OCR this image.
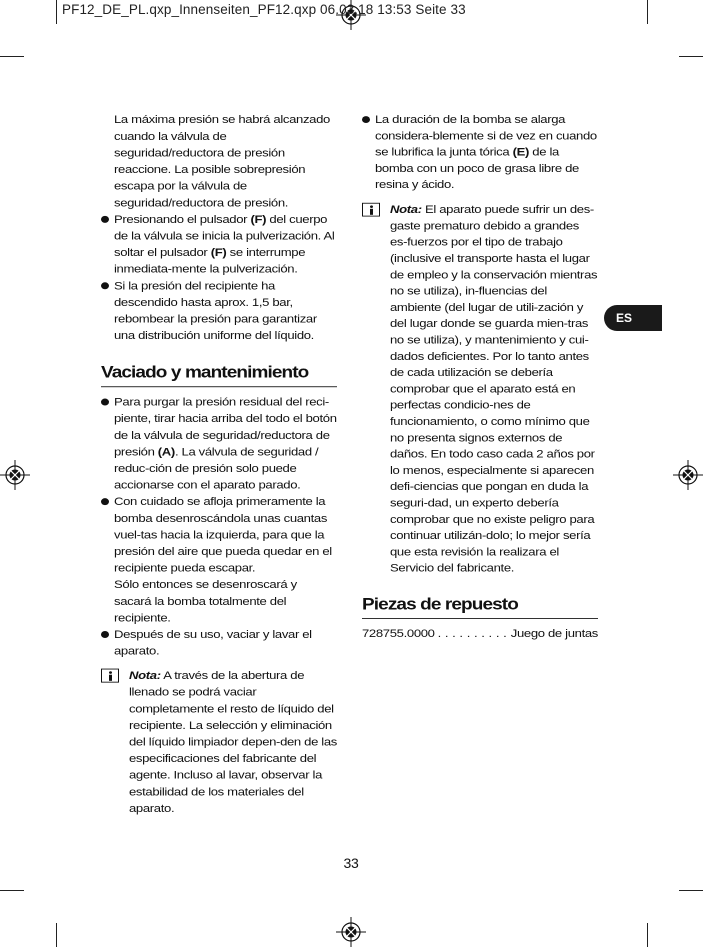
PF12_DE_PL.qxp_Innenseiten_PF12.qxp 06.03.18 13:53 Seite 33
ES

La máxima presión se habrá alcanzado cuando la válvula de seguridad/reductora de presión reaccione. La posible sobrepresión escapa por la válvula de seguridad/reductora de presión.

Presionando el pulsador (F) del cuerpo de la válvula se inicia la pulverización. Al soltar el pulsador (F) se interrumpe inmediata-mente la pulverización.

Si la presión del recipiente ha descendido hasta aprox. 1,5 bar, rebombear la presión para garantizar una distribución uniforme del líquido.

Vaciado y mantenimiento

Para purgar la presión residual del reci-piente, tirar hacia arriba del todo el botón de la válvula de seguridad/reductora de presión (A). La válvula de seguridad / reduc-ción de presión solo puede accionarse con el aparato parado.

Con cuidado se afloja primeramente la bomba desenroscándola unas cuantas vuel-tas hacia la izquierda, para que la presión del aire que pueda quedar en el recipiente pueda escapar.
Sólo entonces se desenroscará y sacará la bomba totalmente del recipiente.

Después de su uso, vaciar y lavar el aparato.

Nota: A través de la abertura de llenado se podrá vaciar completamente el resto de líquido del recipiente. La selección y eliminación del líquido limpiador depen-den de las especificaciones del fabricante del agente. Incluso al lavar, observar la estabilidad de los materiales del aparato.

La duración de la bomba se alarga considera-blemente si de vez en cuando se lubrifica la junta tórica (E) de la bomba con un poco de grasa libre de resina y ácido.

Nota: El aparato puede sufrir un des-gaste prematuro debido a grandes es-fuerzos por el tipo de trabajo (inclusive el transporte hasta el lugar de empleo y la conservación mientras no se utiliza), in-fluencias del ambiente (del lugar de utili-zación y del lugar donde se guarda mien-tras no se utiliza), y mantenimiento y cui-dados deficientes. Por lo tanto antes de cada utilización se debería comprobar que el aparato está en perfectas condicio-nes de funcionamiento, o como mínimo que no presenta signos externos de daños. En todo caso cada 2 años por lo menos, especialmente si aparecen defi-ciencias que pongan en duda la seguri-dad, un experto debería comprobar que no existe peligro para continuar utilizán-dolo; lo mejor sería que esta revisión la realizara el Servicio del fabricante.

Piezas de repuesto
728755.0000
. . .	Juego de juntas
33
